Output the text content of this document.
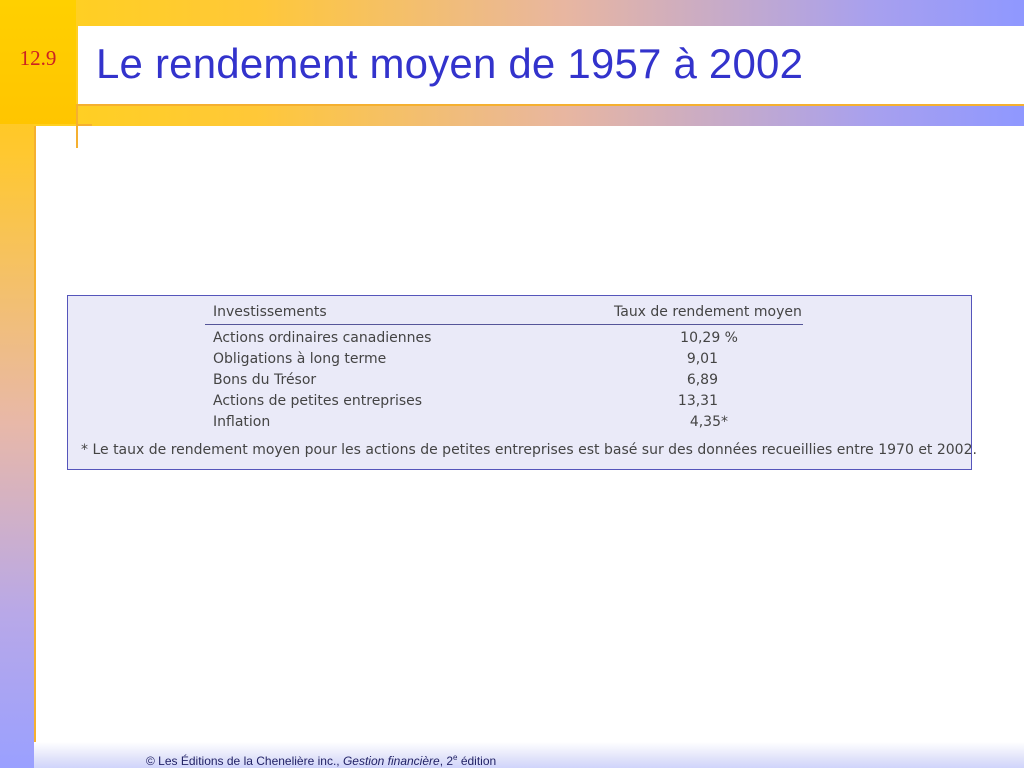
12.9 Le rendement moyen de 1957 à 2002
Investissements	Taux de rendement moyen
Actions ordinaires canadiennes	10,29 %
Obligations à long terme	9,01
Bons du Trésor	6,89
Actions de petites entreprises	13,31
Inflation	4,35*
* Le taux de rendement moyen pour les actions de petites entreprises est basé sur des données recueillies entre 1970 et 2002.
© Les Éditions de la Chenelière inc., Gestion financière, 2e édition
